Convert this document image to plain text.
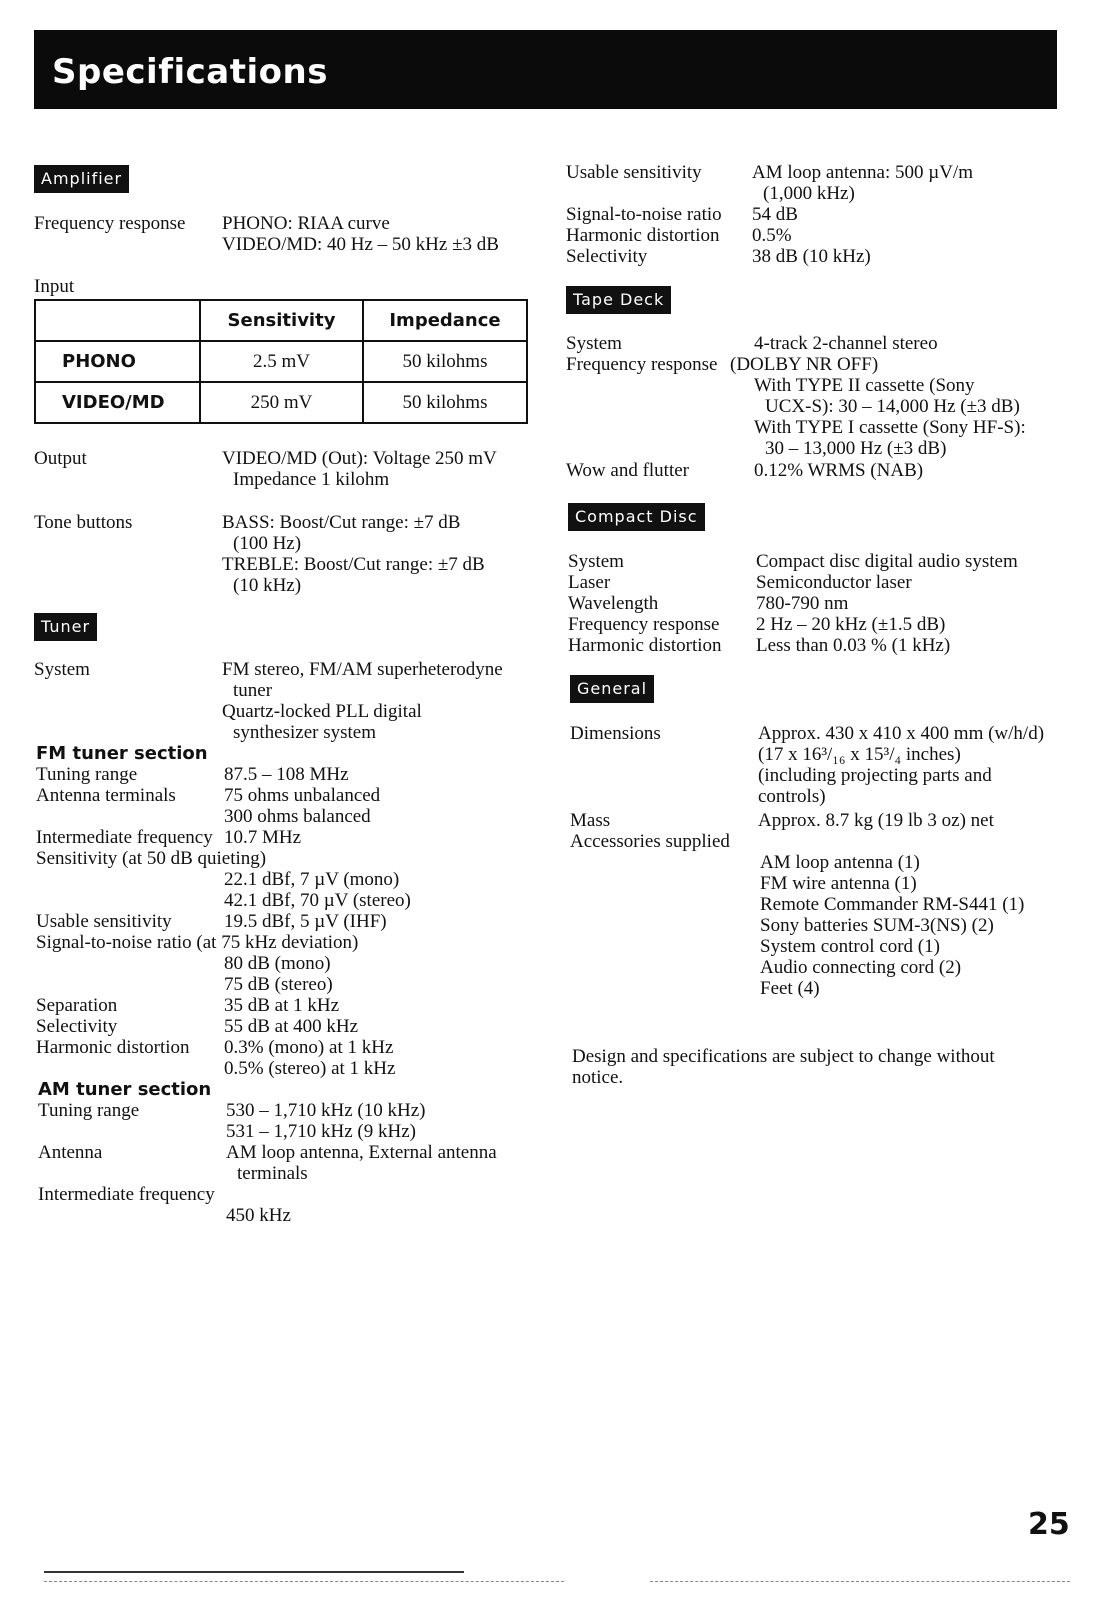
Specifications
Amplifier
Frequency response PHONO: RIAA curve
VIDEO/MD: 40 Hz – 50 kHz ±3 dB
Input
	Sensitivity	Impedance
PHONO	2.5 mV	50 kilohms
VIDEO/MD	250 mV	50 kilohms
Output	VIDEO/MD (Out): Voltage 250 mV
Impedance 1 kilohm
Tone buttons	BASS: Boost/Cut range: ±7 dB
(100 Hz)
TREBLE: Boost/Cut range: ±7 dB
(10 kHz)
Tuner
System	FM stereo, FM/AM superheterodyne
tuner
Quartz-locked PLL digital
synthesizer system
FM tuner section
Tuning range	87.5 – 108 MHz
Antenna terminals	75 ohms unbalanced
300 ohms balanced
Intermediate frequency 10.7 MHz
Sensitivity (at 50 dB quieting)
22.1 dBf, 7 µV (mono)
42.1 dBf, 70 µV (stereo)
Usable sensitivity	19.5 dBf, 5 µV (IHF)
Signal-to-noise ratio (at 75 kHz deviation)
80 dB (mono)
75 dB (stereo)
Separation	35 dB at 1 kHz
Selectivity	55 dB at 400 kHz
Harmonic distortion 0.3% (mono) at 1 kHz
0.5% (stereo) at 1 kHz
AM tuner section
Tuning range	530 – 1,710 kHz (10 kHz)
531 – 1,710 kHz (9 kHz)
Antenna	AM loop antenna, External antenna
terminals
Intermediate frequency
450 kHz
Usable sensitivity	AM loop antenna: 500 µV/m
(1,000 kHz)
Signal-to-noise ratio 54 dB
Harmonic distortion 0.5%
Selectivity	38 dB (10 kHz)
Tape Deck
System	4-track 2-channel stereo
Frequency response (DOLBY NR OFF)
With TYPE II cassette (Sony
UCX-S): 30 – 14,000 Hz (±3 dB)
With TYPE I cassette (Sony HF-S):
30 – 13,000 Hz (±3 dB)
Wow and flutter	0.12% WRMS (NAB)
Compact Disc
System	Compact disc digital audio system
Laser	Semiconductor laser
Wavelength	780-790 nm
Frequency response 2 Hz – 20 kHz (±1.5 dB)
Harmonic distortion Less than 0.03 % (1 kHz)
General
Dimensions	Approx. 430 x 410 x 400 mm (w/h/d)
(17 x 16³/₁₆ x 15³/₄ inches)
(including projecting parts and
controls)
Mass	Approx. 8.7 kg (19 lb 3 oz) net
Accessories supplied
AM loop antenna (1)
FM wire antenna (1)
Remote Commander RM-S441 (1)
Sony batteries SUM-3(NS) (2)
System control cord (1)
Audio connecting cord (2)
Feet (4)
Design and specifications are subject to change without
notice.
25
